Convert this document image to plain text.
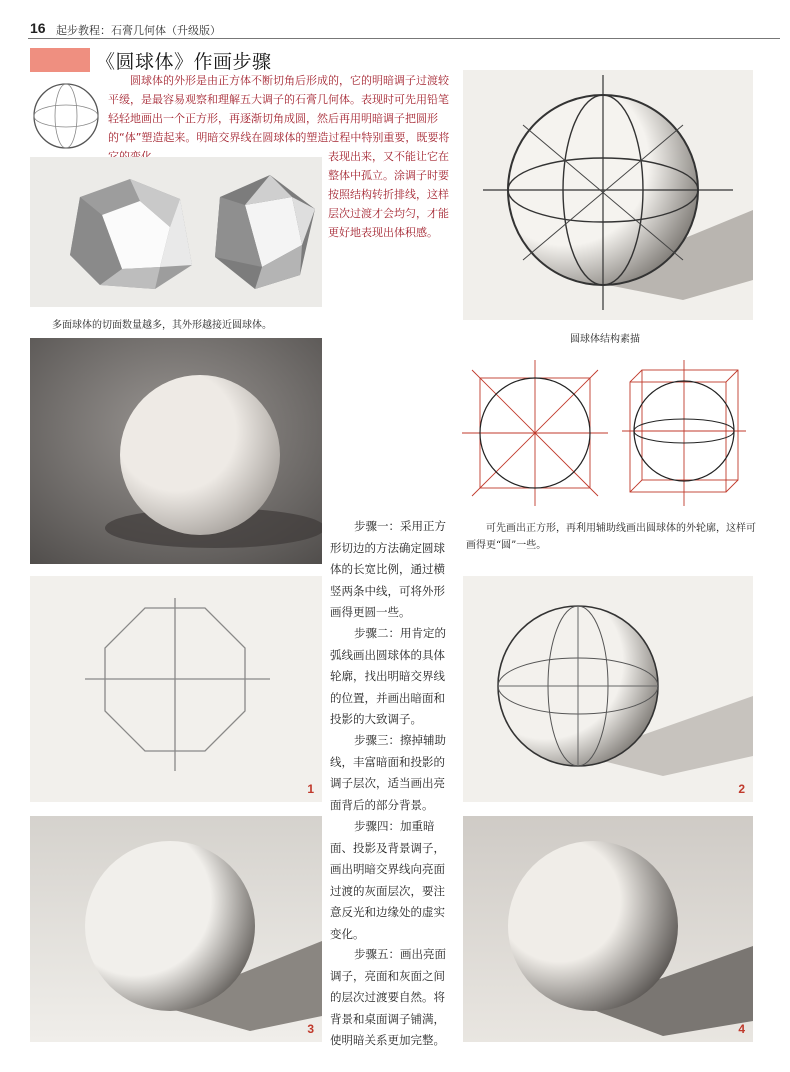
16 起步教程：石膏几何体（升级版）
《圆球体》作画步骤
圆球体的外形是由正方体不断切角后形成的，它的明暗调子过渡较平缓，是最容易观察和理解五大调子的石膏几何体。表现时可先用铅笔轻轻地画出一个正方形，再逐渐切角成圆，然后再用明暗调子把圆形的“体”塑造起来。明暗交界线在圆球体的塑造过程中特别重要，既要将
表现出来，又不能让它在整体中孤立。涂调子时要按照结构转折排线，这样层次过渡才会均匀，才能更好地表现出体积感。
多面球体的切面数量越多，其外形越接近圆球体。
圆球体结构素描
可先画出正方形，再利用辅助线画出圆球体的外轮廓，这样可画得更“圆”一些。
步骤一：采用正方形切边的方法确定圆球体的长宽比例，通过横竖两条中线，可将外形画得更圆一些。
步骤二：用肯定的弧线画出圆球体的具体轮廓，找出明暗交界线的位置，并画出暗面和投影的大致调子。
步骤三：擦掉辅助线，丰富暗面和投影的调子层次，适当画出亮面背后的部分背景。
步骤四：加重暗面、投影及背景调子，画出明暗交界线向亮面过渡的灰面层次，要注意反光和边缘处的虚实变化。
步骤五：画出亮面调子，亮面和灰面之间的层次过渡要自然。将背景和桌面调子铺满，使明暗关系更加完整。
1	2
3	4
